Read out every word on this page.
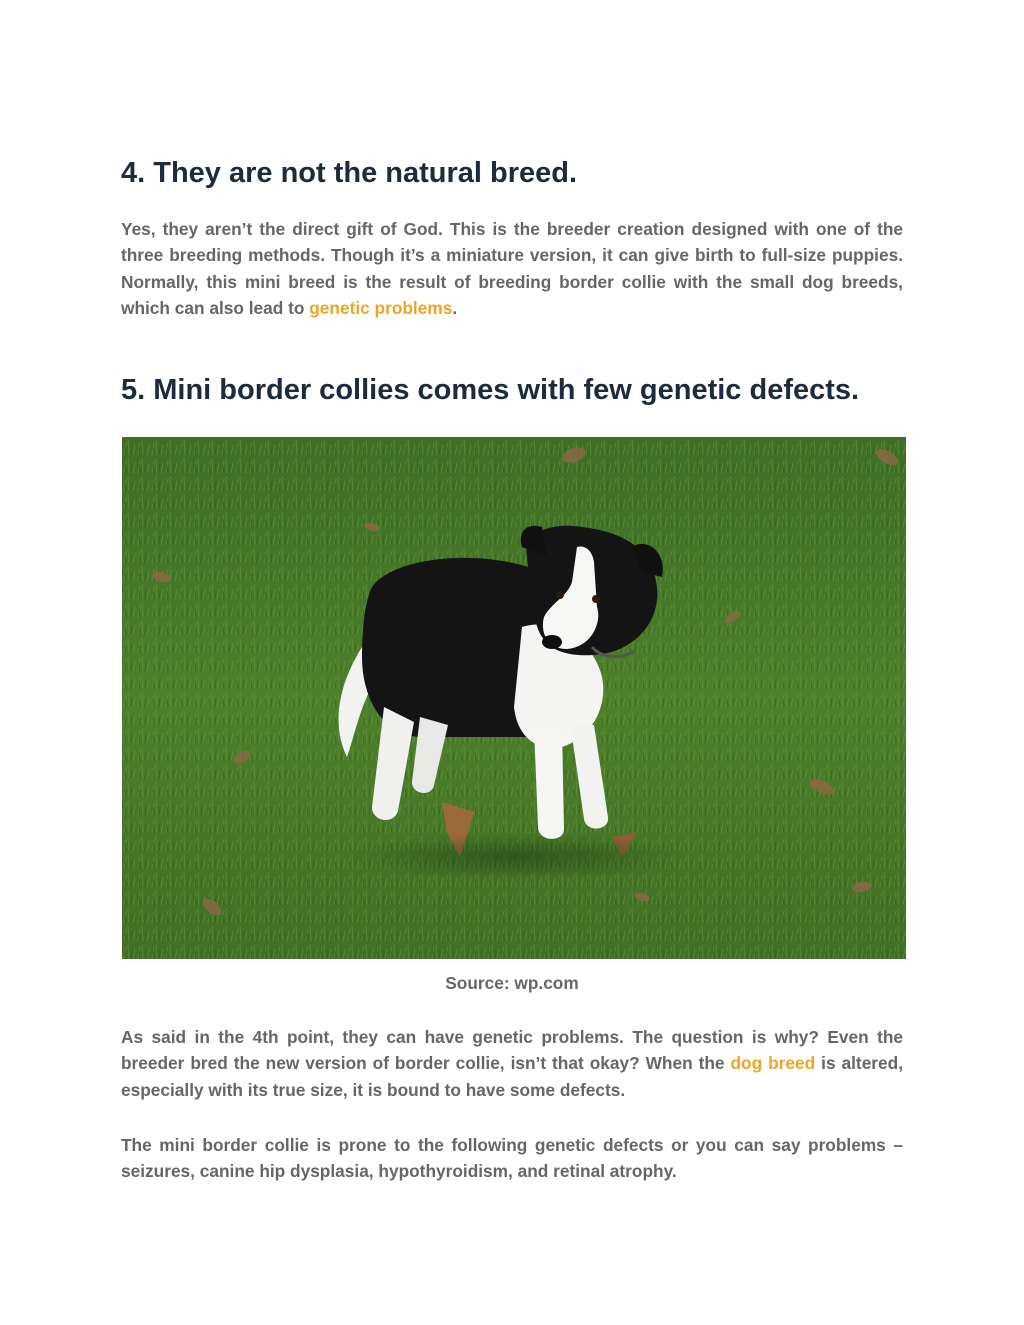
4. They are not the natural breed.

Yes, they aren’t the direct gift of God. This is the breeder creation designed with one of the three breeding methods. Though it’s a miniature version, it can give birth to full-size puppies. Normally, this mini breed is the result of breeding border collie with the small dog breeds, which can also lead to genetic problems.

5. Mini border collies comes with few genetic defects.
Source: wp.com

As said in the 4th point, they can have genetic problems. The question is why? Even the breeder bred the new version of border collie, isn’t that okay? When the dog breed is altered, especially with its true size, it is bound to have some defects.

The mini border collie is prone to the following genetic defects or you can say problems – seizures, canine hip dysplasia, hypothyroidism, and retinal atrophy.
